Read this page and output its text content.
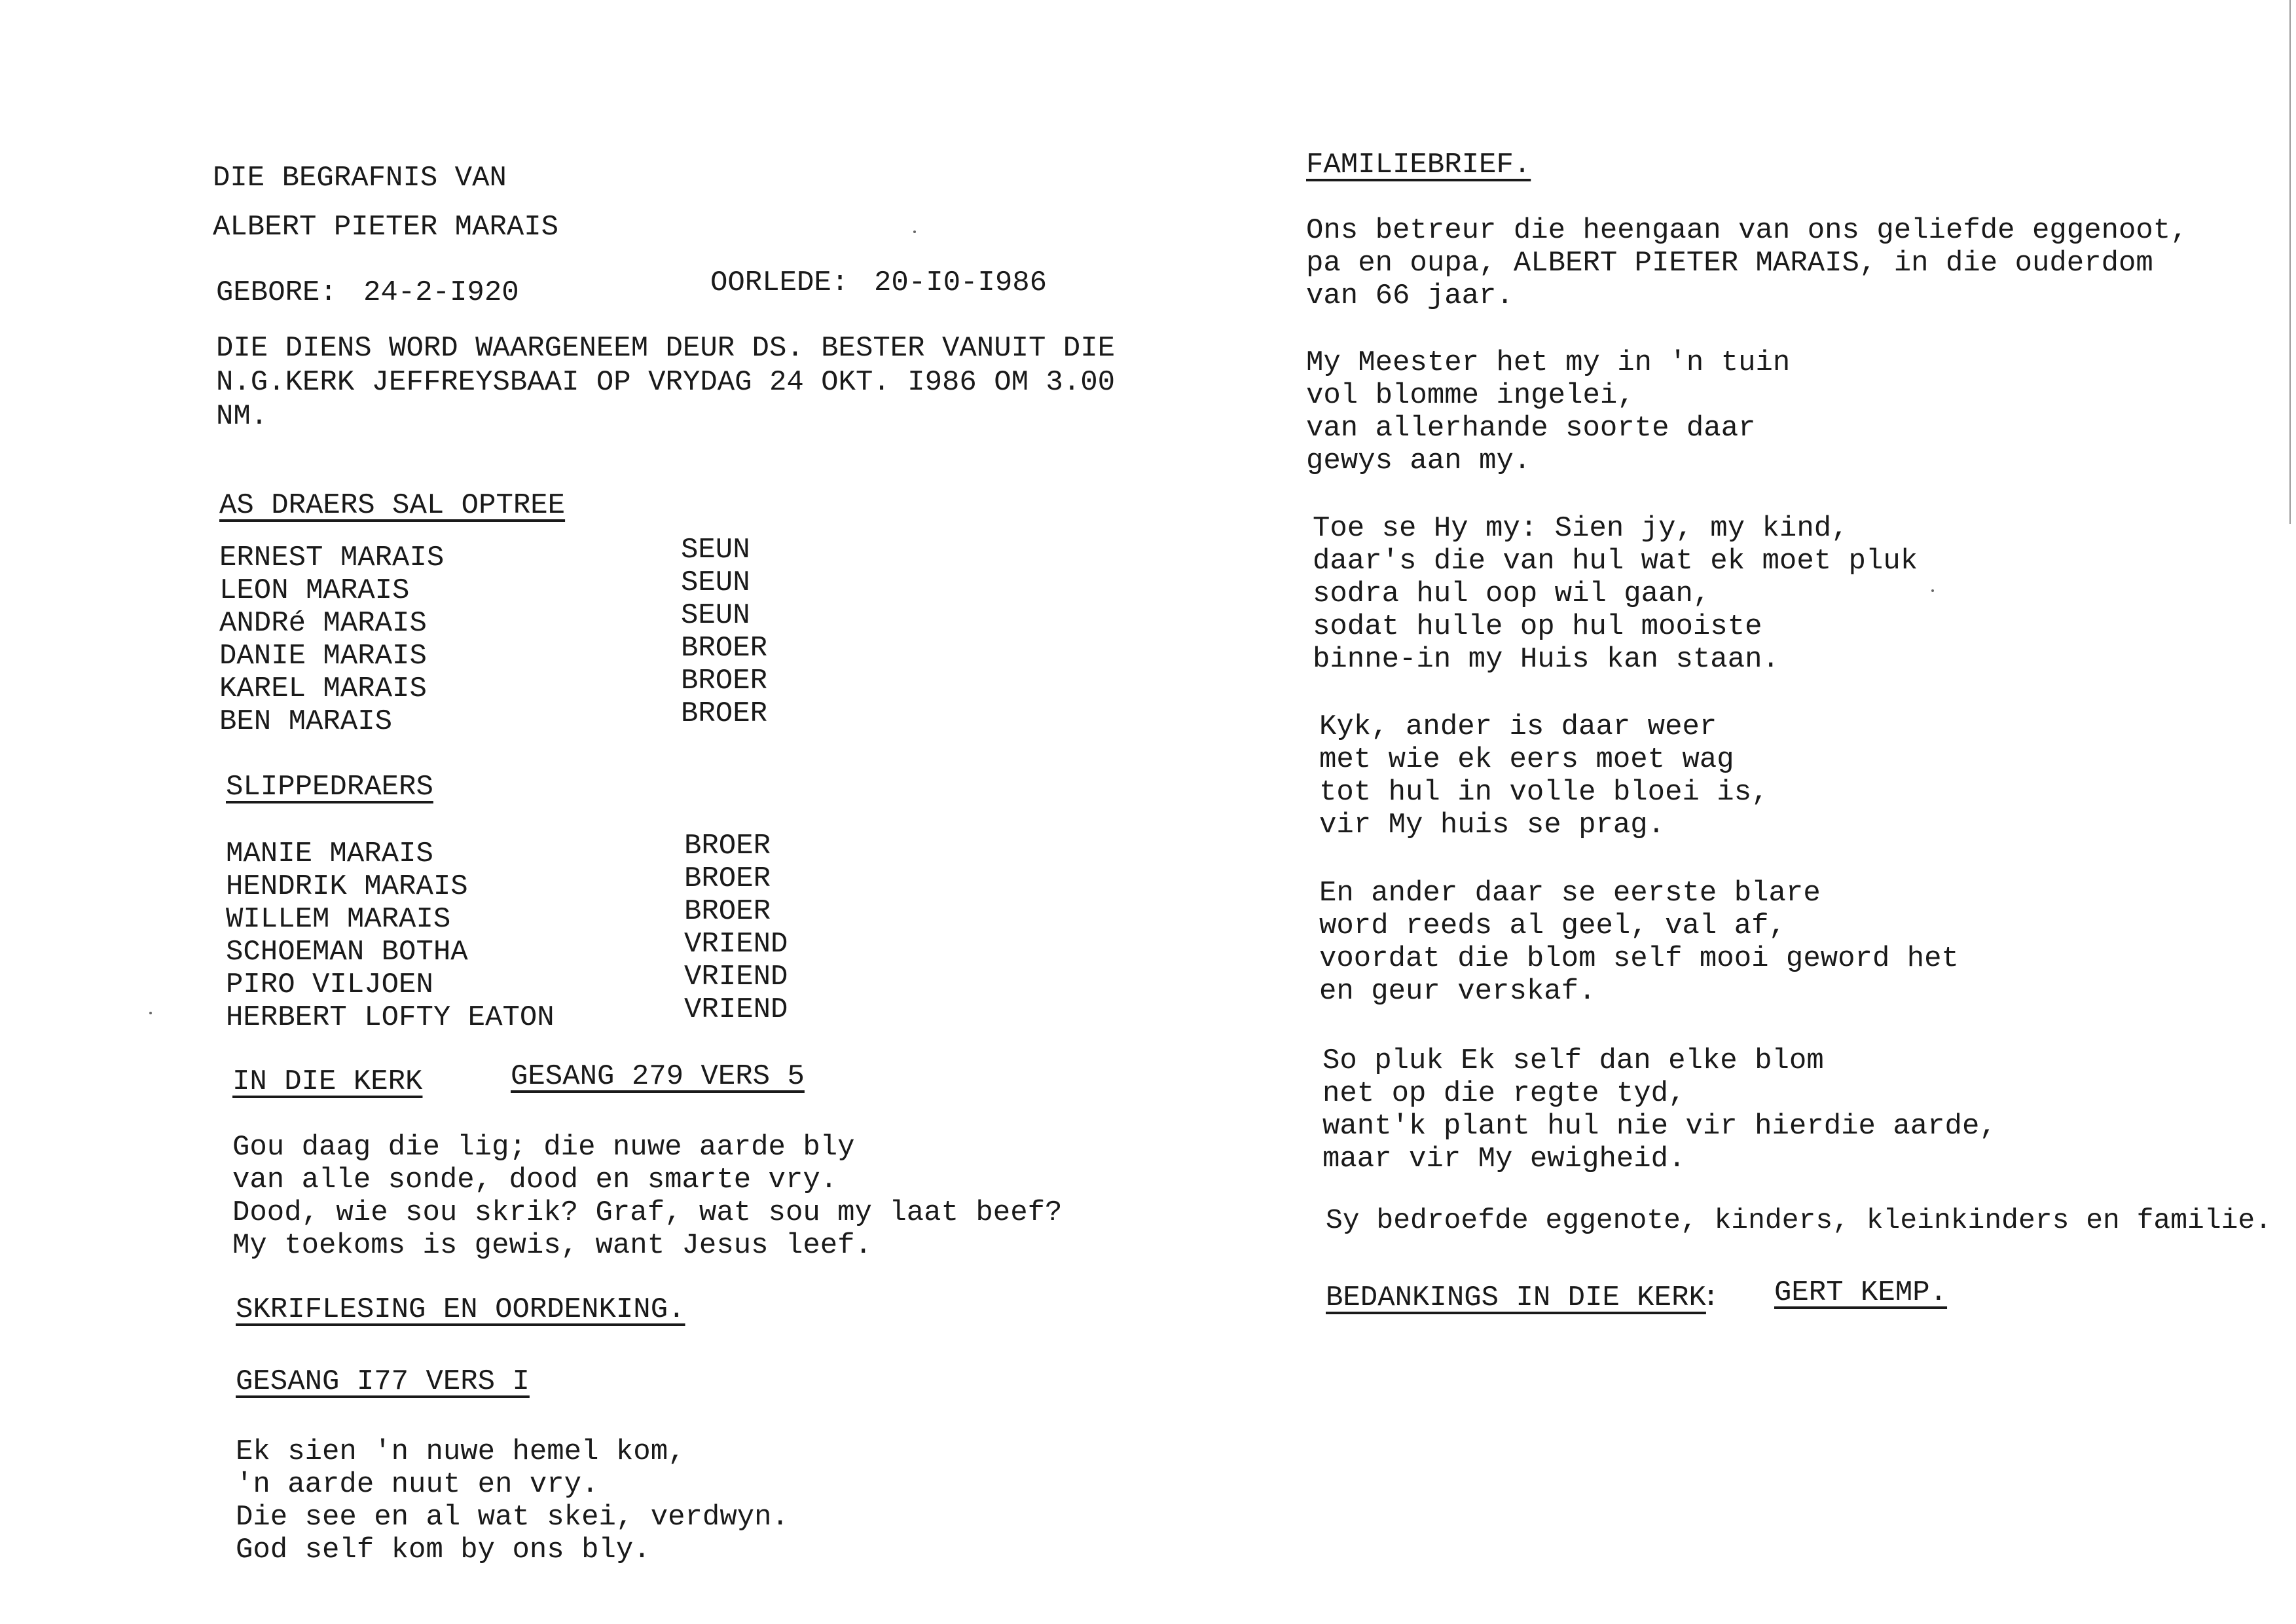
DIE BEGRAFNIS VAN
ALBERT PIETER MARAIS
GEBORE: 24-2-I920	OORLEDE: 20-I0-I986
DIE DIENS WORD WAARGENEEM DEUR DS. BESTER VANUIT DIE
N.G.KERK JEFFREYSBAAI OP VRYDAG 24 OKT. I986 OM 3.00
NM.
AS DRAERS SAL OPTREE
ERNEST MARAIS	SEUN
LEON MARAIS	SEUN
ANDRé MARAIS	SEUN
DANIE MARAIS	BROER
KAREL MARAIS	BROER
BEN MARAIS	BROER
SLIPPEDRAERS
MANIE MARAIS	BROER
HENDRIK MARAIS	BROER
WILLEM MARAIS	BROER
SCHOEMAN BOTHA	VRIEND
PIRO VILJOEN	VRIEND
HERBERT LOFTY EATON	VRIEND
IN DIE KERK	GESANG 279 VERS 5
Gou daag die lig; die nuwe aarde bly
van alle sonde, dood en smarte vry.
Dood, wie sou skrik? Graf, wat sou my laat beef?
My toekoms is gewis, want Jesus leef.
SKRIFLESING EN OORDENKING.
GESANG I77 VERS I
Ek sien 'n nuwe hemel kom,
'n aarde nuut en vry.
Die see en al wat skei, verdwyn.
God self kom by ons bly.
FAMILIEBRIEF.
Ons betreur die heengaan van ons geliefde eggenoot,
pa en oupa, ALBERT PIETER MARAIS, in die ouderdom
van 66 jaar.
My Meester het my in 'n tuin
vol blomme ingelei,
van allerhande soorte daar
gewys aan my.
Toe se Hy my: Sien jy, my kind,
daar's die van hul wat ek moet pluk
sodra hul oop wil gaan,
sodat hulle op hul mooiste
binne-in my Huis kan staan.
Kyk, ander is daar weer
met wie ek eers moet wag
tot hul in volle bloei is,
vir My huis se prag.
En ander daar se eerste blare
word reeds al geel, val af,
voordat die blom self mooi geword het
en geur verskaf.
So pluk Ek self dan elke blom
net op die regte tyd,
want'k plant hul nie vir hierdie aarde,
maar vir My ewigheid.
Sy bedroefde eggenote, kinders, kleinkinders en familie.
BEDANKINGS IN DIE KERK
: GERT KEMP.
